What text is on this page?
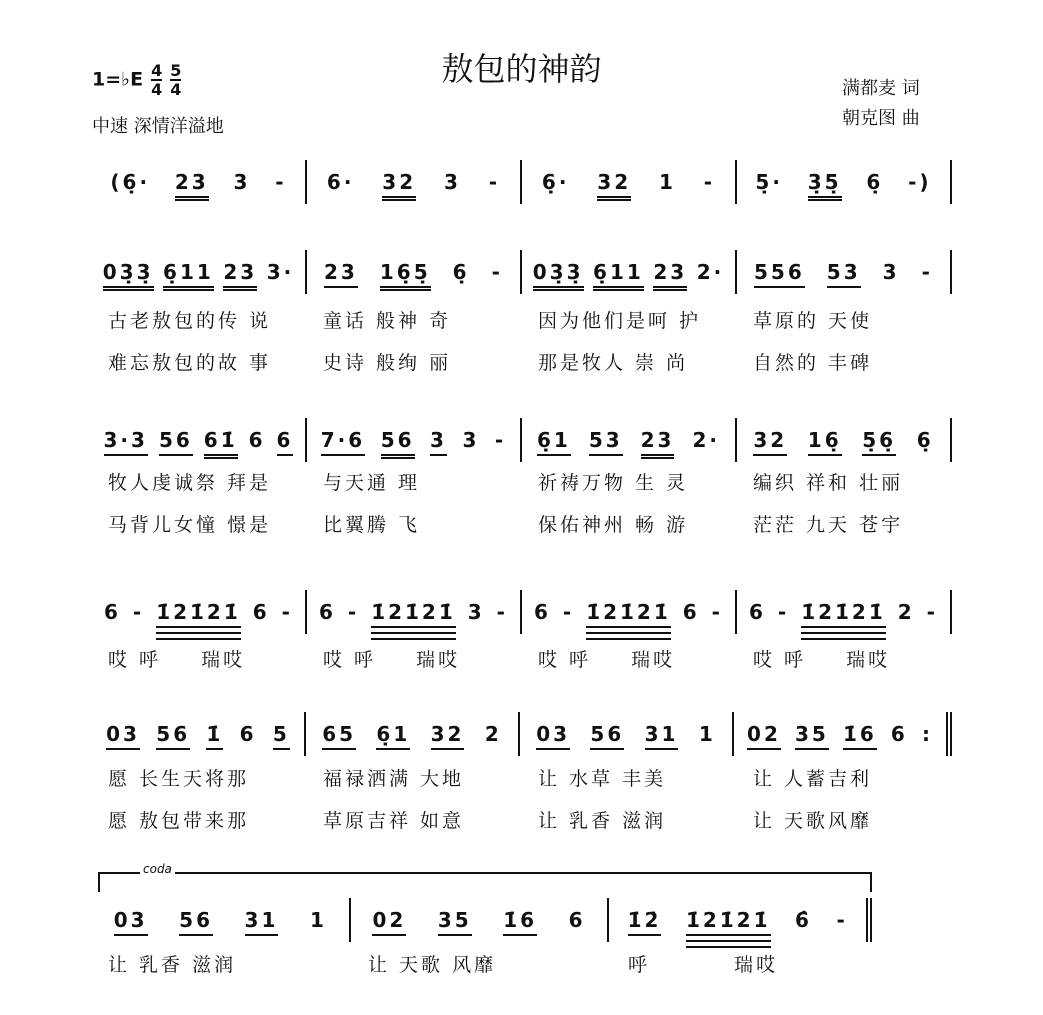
1=♭E $\frac{4}{4} \frac{5}{4}$	敖包的神韵
中速 深情洋溢地
满都麦 词
朝克图 曲
coda
(6̣· 23 3 - 6· 32 3 - 6̣· 32 1 - 5̣· 3̣5̣ 6̣ -)
03̣3̣ 6̣11 23 3· 23 16̣5̣ 6̣ - 03̣3̣ 6̣11 23 2· 556 53 3 -
古老敖包的传 说	童话 般神 奇	因为他们是呵 护	草原的 天使
难忘敖包的故 事	史诗 般绚 丽	那是牧人 崇 尚	自然的 丰碑
3·3 56 61̇ 6 6 7·6 56 3 3 - 6̣1 53 23 2· 32 16̣ 5̣6̣ 6̣
牧人虔诚祭 拜是	与天通 理	祈祷万物 生 灵	编织 祥和 壮丽
马背儿女憧 憬是	比翼腾 飞	保佑神州 畅 游	茫茫 九天 苍宇
6 - 1̇21̇21̇ 6 - 6 - 1̇21̇21̇ 3 - 6 - 1̇21̇21̇ 6 - 6 - 1̇21̇21̇ 2 -
哎 呼 　 瑞哎	哎 呼 　 瑞哎	哎 呼 　 瑞哎	哎 呼 　 瑞哎
03 56 1̇ 6 5 65 6̣1 32 2 03 56 31 1 02 35 1̇6 6 :
愿 长生天将那	福禄洒满 大地	让 水草 丰美	让 人蓄吉利
愿 敖包带来那	草原吉祥 如意	让 乳香 滋润	让 天歌风靡
03 56 31 1 02 35 1̇6 6 1̇2̇ 1̇21̇21̇ 6̂ -
让 乳香 滋润	让 天歌 风靡	呼 　　　 瑞哎
